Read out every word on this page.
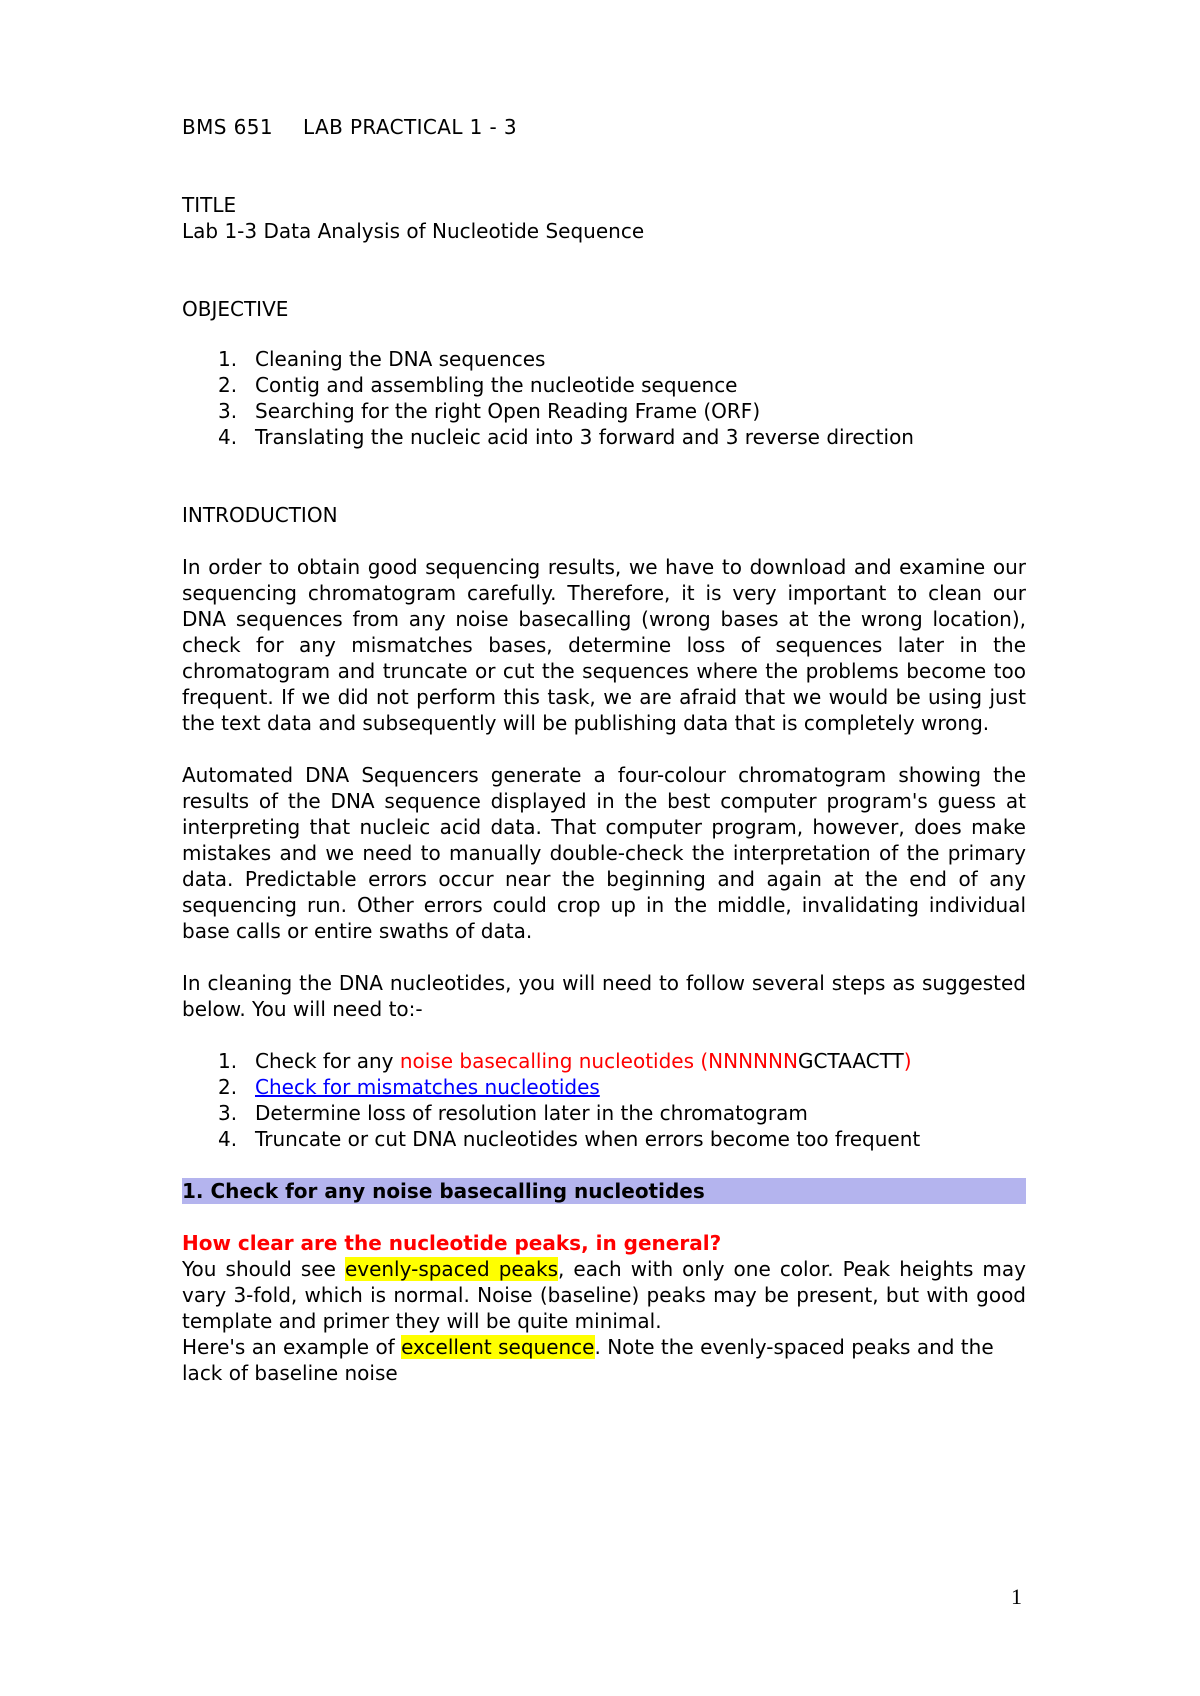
BMS 651 LAB PRACTICAL 1 - 3

TITLE

Lab 1-3 Data Analysis of Nucleotide Sequence

OBJECTIVE

1. Cleaning the DNA sequences
2. Contig and assembling the nucleotide sequence
3. Searching for the right Open Reading Frame (ORF)
4. Translating the nucleic acid into 3 forward and 3 reverse direction

INTRODUCTION

In order to obtain good sequencing results, we have to download and examine our sequencing chromatogram carefully. Therefore, it is very important to clean our DNA sequences from any noise basecalling (wrong bases at the wrong location), check for any mismatches bases, determine loss of sequences later in the chromatogram and truncate or cut the sequences where the problems become too frequent. If we did not perform this task, we are afraid that we would be using just the text data and subsequently will be publishing data that is completely wrong.

Automated DNA Sequencers generate a four-colour chromatogram showing the results of the DNA sequence displayed in the best computer program's guess at interpreting that nucleic acid data. That computer program, however, does make mistakes and we need to manually double-check the interpretation of the primary data. Predictable errors occur near the beginning and again at the end of any sequencing run. Other errors could crop up in the middle, invalidating individual base calls or entire swaths of data.

In cleaning the DNA nucleotides, you will need to follow several steps as suggested below. You will need to:-

1. Check for any noise basecalling nucleotides (NNNNNNGCTAACTT)
2. Check for mismatches nucleotides
3. Determine loss of resolution later in the chromatogram
4. Truncate or cut DNA nucleotides when errors become too frequent

1. Check for any noise basecalling nucleotides

How clear are the nucleotide peaks, in general?

You should see evenly-spaced peaks, each with only one color. Peak heights may vary 3-fold, which is normal. Noise (baseline) peaks may be present, but with good template and primer they will be quite minimal.

Here's an example of excellent sequence. Note the evenly-spaced peaks and the lack of baseline noise

1
